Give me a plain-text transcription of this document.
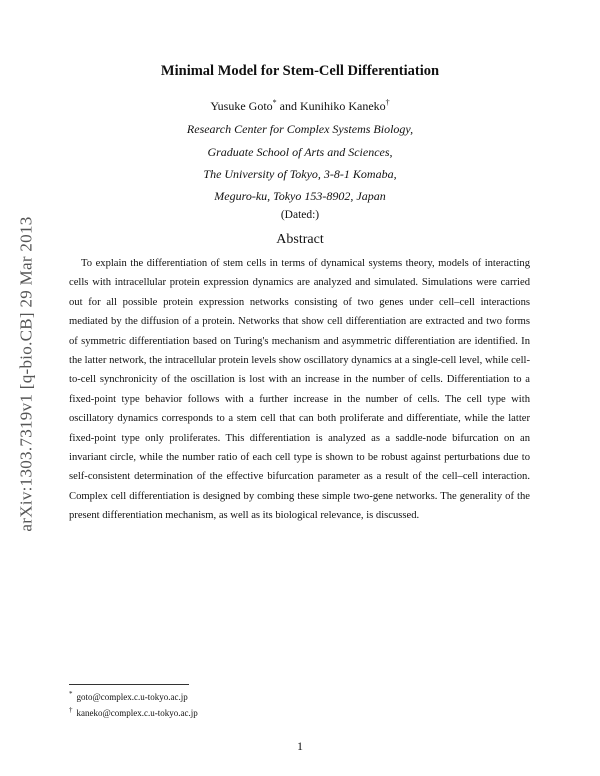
arXiv:1303.7319v1 [q-bio.CB] 29 Mar 2013
Minimal Model for Stem-Cell Differentiation
Yusuke Goto* and Kunihiko Kaneko†
Research Center for Complex Systems Biology,
Graduate School of Arts and Sciences,
The University of Tokyo, 3-8-1 Komaba,
Meguro-ku, Tokyo 153-8902, Japan
(Dated:)
Abstract

To explain the differentiation of stem cells in terms of dynamical systems theory, models of interacting cells with intracellular protein expression dynamics are analyzed and simulated. Simulations were carried out for all possible protein expression networks consisting of two genes under cell–cell interactions mediated by the diffusion of a protein. Networks that show cell differentiation are extracted and two forms of symmetric differentiation based on Turing's mechanism and asymmetric differentiation are identified. In the latter network, the intracellular protein levels show oscillatory dynamics at a single-cell level, while cell-to-cell synchronicity of the oscillation is lost with an increase in the number of cells. Differentiation to a fixed-point type behavior follows with a further increase in the number of cells. The cell type with oscillatory dynamics corresponds to a stem cell that can both proliferate and differentiate, while the latter fixed-point type only proliferates. This differentiation is analyzed as a saddle-node bifurcation on an invariant circle, while the number ratio of each cell type is shown to be robust against perturbations due to self-consistent determination of the effective bifurcation parameter as a result of the cell–cell interaction. Complex cell differentiation is designed by combing these simple two-gene networks. The generality of the present differentiation mechanism, as well as its biological relevance, is discussed.

* goto@complex.c.u-tokyo.ac.jp
† kaneko@complex.c.u-tokyo.ac.jp
1
